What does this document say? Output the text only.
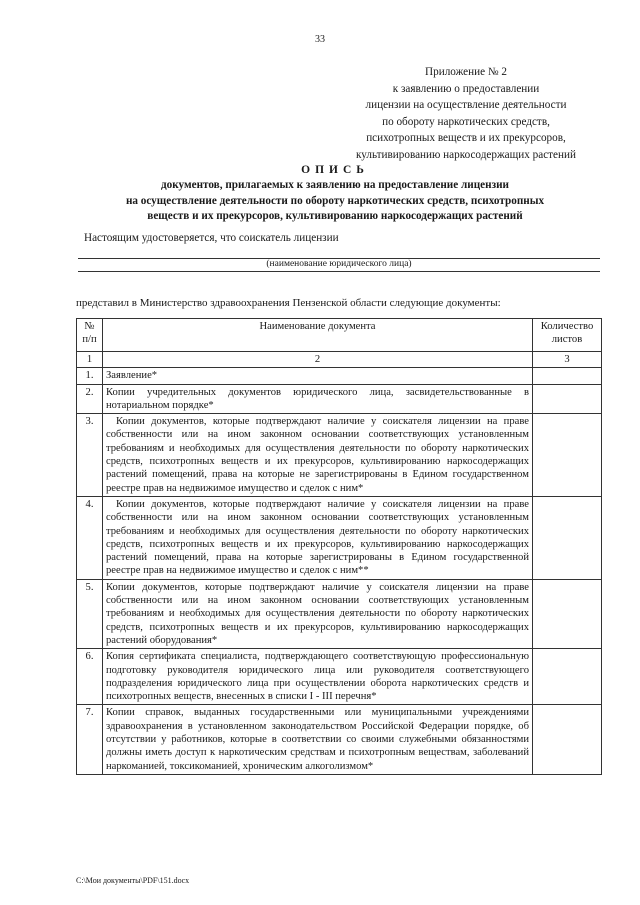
33
Приложение № 2
к заявлению о предоставлении
лицензии на осуществление деятельности
по обороту наркотических средств,
психотропных веществ и их прекурсоров,
культивированию наркосодержащих растений
ОПИСЬ
документов, прилагаемых к заявлению на предоставление лицензии
на осуществление деятельности по обороту наркотических средств, психотропных
веществ и их прекурсоров, культивированию наркосодержащих растений
Настоящим удостоверяется, что соискатель лицензии
(наименование юридического лица)
представил в Министерство здравоохранения Пензенской области следующие документы:
№ п/п	Наименование документа	Количество листов
1	2	3
1.	Заявление*	
2.	Копии учредительных документов юридического лица, засвидетельствованные в нотариальном порядке*	
3.	Копии документов, которые подтверждают наличие у соискателя лицензии на праве собственности или на ином законном основании соответствующих установленным требованиям и необходимых для осуществления деятельности по обороту наркотических средств, психотропных веществ и их прекурсоров, культивированию наркосодержащих растений помещений, права на которые не зарегистрированы в Едином государственном реестре прав на недвижимое имущество и сделок с ним*	
4.	Копии документов, которые подтверждают наличие у соискателя лицензии на праве собственности или на ином законном основании соответствующих установленным требованиям и необходимых для осуществления деятельности по обороту наркотических средств, психотропных веществ и их прекурсоров, культивированию наркосодержащих растений помещений, права на которые зарегистрированы в Едином государственной реестре прав на недвижимое имущество и сделок с ним**	
5.	Копии документов, которые подтверждают наличие у соискателя лицензии на праве собственности или на ином законном основании соответствующих установленным требованиям и необходимых для осуществления деятельности по обороту наркотических средств, психотропных веществ и их прекурсоров, культивированию наркосодержащих растений оборудования*	
6.	Копия сертификата специалиста, подтверждающего соответствующую профессиональную подготовку руководителя юридического лица или руководителя соответствующего подразделения юридического лица при осуществлении оборота наркотических средств и психотропных веществ, внесенных в списки I - III перечня*	
7.	Копии справок, выданных государственными или муниципальными учреждениями здравоохранения в установленном законодательством Российской Федерации порядке, об отсутствии у работников, которые в соответствии со своими служебными обязанностями должны иметь доступ к наркотическим средствам и психотропным веществам, заболеваний наркоманией, токсикоманией, хроническим алкоголизмом*	
C:\Мои документы\PDF\151.docx
